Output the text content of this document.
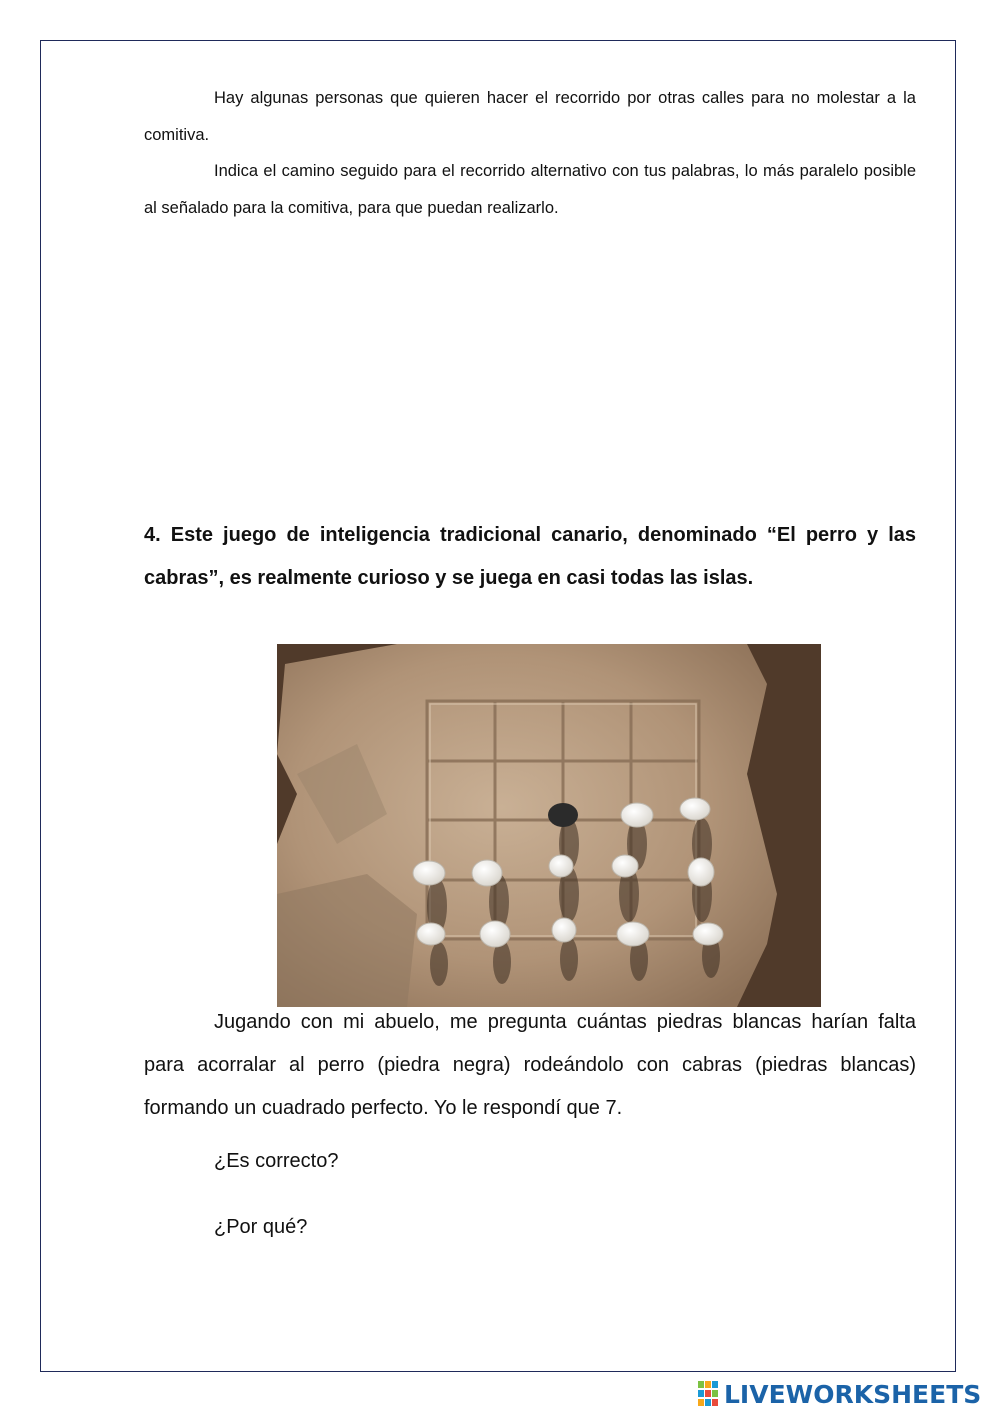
Hay algunas personas que quieren hacer el recorrido por otras calles para no molestar a la comitiva.

Indica el camino seguido para el recorrido alternativo con tus palabras, lo más paralelo posible al señalado para la comitiva, para que puedan realizarlo.

4. Este juego de inteligencia tradicional canario, denominado “El perro y las cabras”, es realmente curioso y se juega en casi todas las islas.

Jugando con mi abuelo, me pregunta cuántas piedras blancas harían falta para acorralar al perro (piedra negra) rodeándolo con cabras (piedras blancas) formando un cuadrado perfecto. Yo le respondí que 7.

¿Es correcto?

¿Por qué?

LIVEWORKSHEETS
